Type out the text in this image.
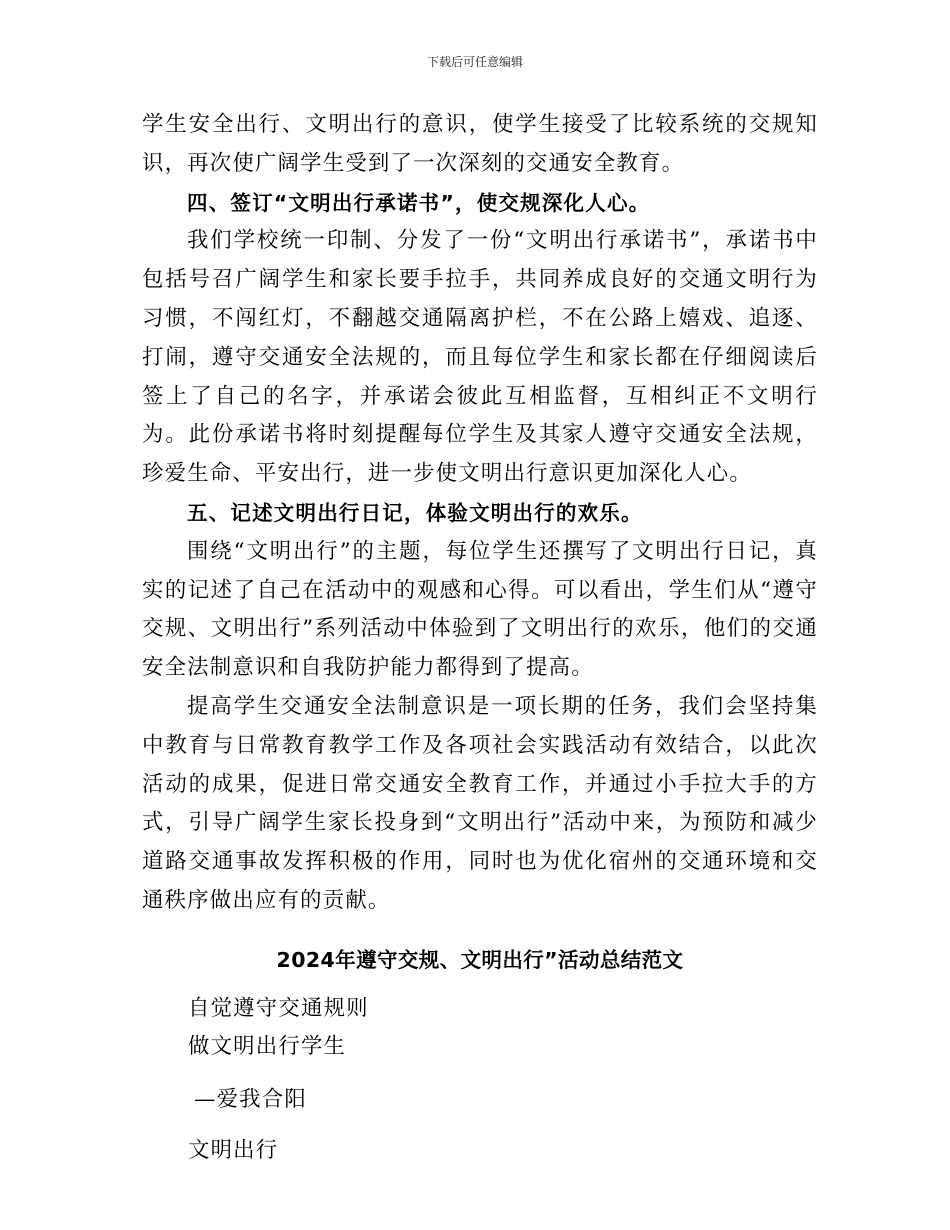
下载后可任意编辑

学生安全出行、文明出行的意识，使学生接受了比较系统的交规知识，再次使广阔学生受到了一次深刻的交通安全教育。

四、签订“文明出行承诺书”，使交规深化人心。

我们学校统一印制、分发了一份“文明出行承诺书”，承诺书中包括号召广阔学生和家长要手拉手，共同养成良好的交通文明行为习惯，不闯红灯，不翻越交通隔离护栏，不在公路上嬉戏、追逐、打闹，遵守交通安全法规的，而且每位学生和家长都在仔细阅读后签上了自己的名字，并承诺会彼此互相监督，互相纠正不文明行为。此份承诺书将时刻提醒每位学生及其家人遵守交通安全法规，珍爱生命、平安出行，进一步使文明出行意识更加深化人心。

五、记述文明出行日记，体验文明出行的欢乐。

围绕“文明出行”的主题，每位学生还撰写了文明出行日记，真实的记述了自己在活动中的观感和心得。可以看出，学生们从“遵守交规、文明出行”系列活动中体验到了文明出行的欢乐，他们的交通安全法制意识和自我防护能力都得到了提高。

提高学生交通安全法制意识是一项长期的任务，我们会坚持集中教育与日常教育教学工作及各项社会实践活动有效结合，以此次活动的成果，促进日常交通安全教育工作，并通过小手拉大手的方式，引导广阔学生家长投身到“文明出行”活动中来，为预防和减少道路交通事故发挥积极的作用，同时也为优化宿州的交通环境和交通秩序做出应有的贡献。

2024年遵守交规、文明出行”活动总结范文

自觉遵守交通规则

做文明出行学生

—爱我合阳

文明出行
